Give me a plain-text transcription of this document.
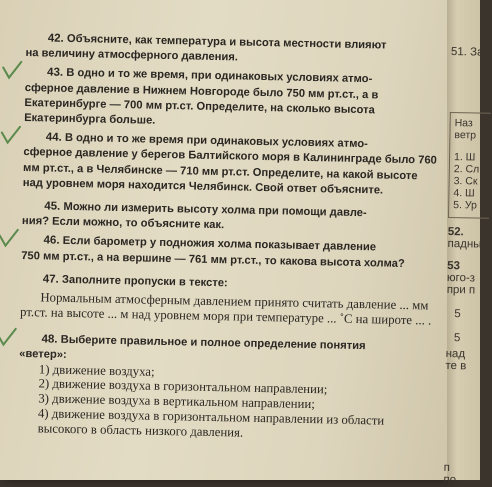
42. Объясните, как температура и высота местности влияют
на величину атмосферного давления.

43. В одно и то же время, при одинаковых условиях атмо-
сферное давление в Нижнем Новгороде было 750 мм рт.ст., а в Екатеринбурге — 700 мм рт.ст. Определите, на сколько высота Екатеринбурга больше.

44. В одно и то же время при одинаковых условиях атмо-
сферное давление у берегов Балтийского моря в Калининграде было 760 мм рт.ст., а в Челябинске — 710 мм рт.ст. Определите, на какой высоте над уровнем моря находится Челябинск. Свой ответ объясните.

45. Можно ли измерить высоту холма при помощи давле-
ния? Если можно, то объясните как.

46. Если барометр у подножия холма показывает давление
750 мм рт.ст., а на вершине — 761 мм рт.ст., то какова высота холма?

47. Заполните пропуски в тексте:

Нормальным атмосферным давлением принято считать давление ... мм рт.ст. на высоте ... м над уровнем моря при температуре ... ˚С на широте ... .

48. Выберите правильное и полное определение понятия
«ветер»:

1) движение воздуха;
2) движение воздуха в горизонтальном направлении;
3) движение воздуха в вертикальном направлении;
4) движение воздуха в горизонтальном направлении из области высокого в область низкого давления.
51. За
Наз
ветр
1. Ш
2. Сл
3. Ск
4. Ш
5. Ур
52.
падны
53
юго-з
при п
5
5
над
те в
п
по
